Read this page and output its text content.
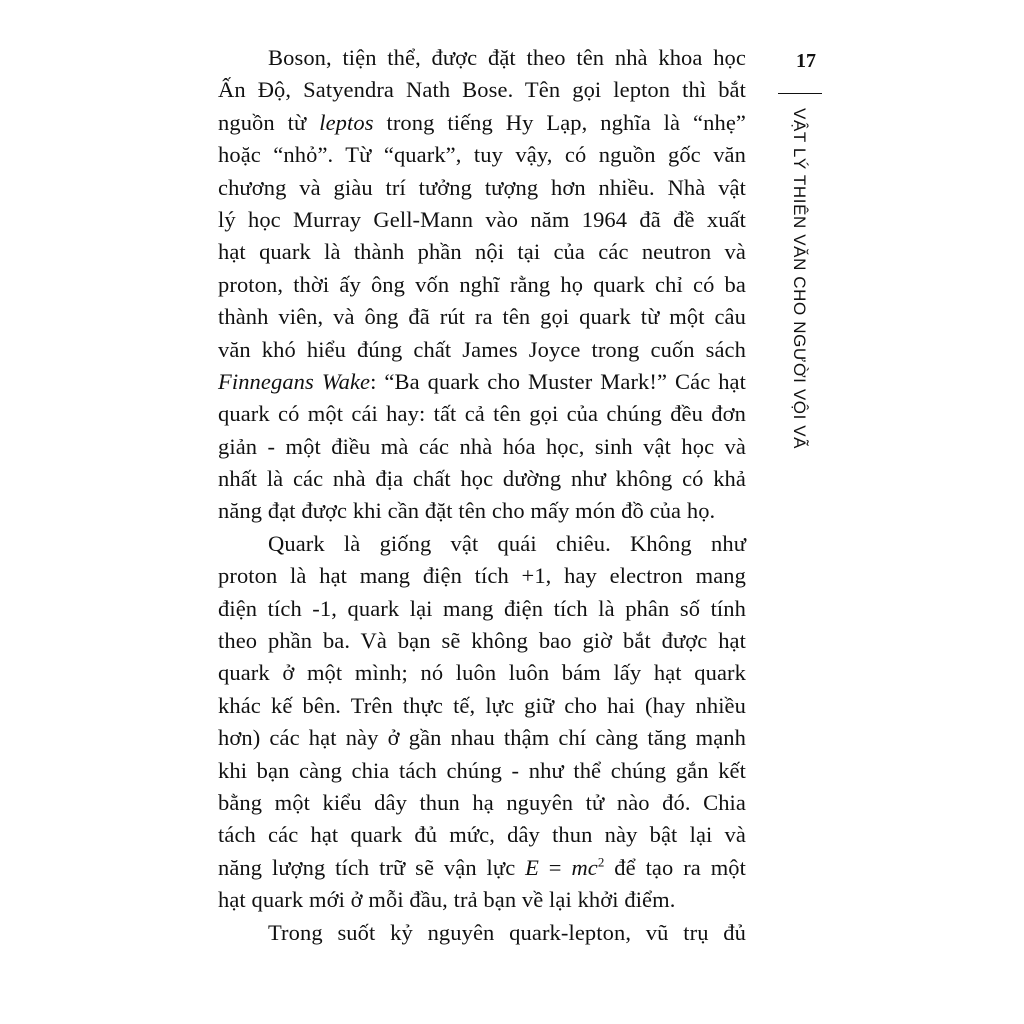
Boson, tiện thể, được đặt theo tên nhà khoa học
Ấn Độ, Satyendra Nath Bose. Tên gọi lepton thì bắt
nguồn từ leptos trong tiếng Hy Lạp, nghĩa là “nhẹ”
hoặc “nhỏ”. Từ “quark”, tuy vậy, có nguồn gốc văn
chương và giàu trí tưởng tượng hơn nhiều. Nhà vật
lý học Murray Gell-Mann vào năm 1964 đã đề xuất
hạt quark là thành phần nội tại của các neutron và
proton, thời ấy ông vốn nghĩ rằng họ quark chỉ có ba
thành viên, và ông đã rút ra tên gọi quark từ một câu
văn khó hiểu đúng chất James Joyce trong cuốn sách
Finnegans Wake: “Ba quark cho Muster Mark!” Các hạt
quark có một cái hay: tất cả tên gọi của chúng đều đơn
giản - một điều mà các nhà hóa học, sinh vật học và
nhất là các nhà địa chất học dường như không có khả
năng đạt được khi cần đặt tên cho mấy món đồ của họ.
Quark là giống vật quái chiêu. Không như
proton là hạt mang điện tích +1, hay electron mang
điện tích -1, quark lại mang điện tích là phân số tính
theo phần ba. Và bạn sẽ không bao giờ bắt được hạt
quark ở một mình; nó luôn luôn bám lấy hạt quark
khác kế bên. Trên thực tế, lực giữ cho hai (hay nhiều
hơn) các hạt này ở gần nhau thậm chí càng tăng mạnh
khi bạn càng chia tách chúng - như thể chúng gắn kết
bằng một kiểu dây thun hạ nguyên tử nào đó. Chia
tách các hạt quark đủ mức, dây thun này bật lại và
năng lượng tích trữ sẽ vận lực $E = mc^2$ để tạo ra một
hạt quark mới ở mỗi đầu, trả bạn về lại khởi điểm.
Trong suốt kỷ nguyên quark-lepton, vũ trụ đủ
17
VẬT LÝ THIÊN VĂN CHO NGƯỜI VỘI VÃ
